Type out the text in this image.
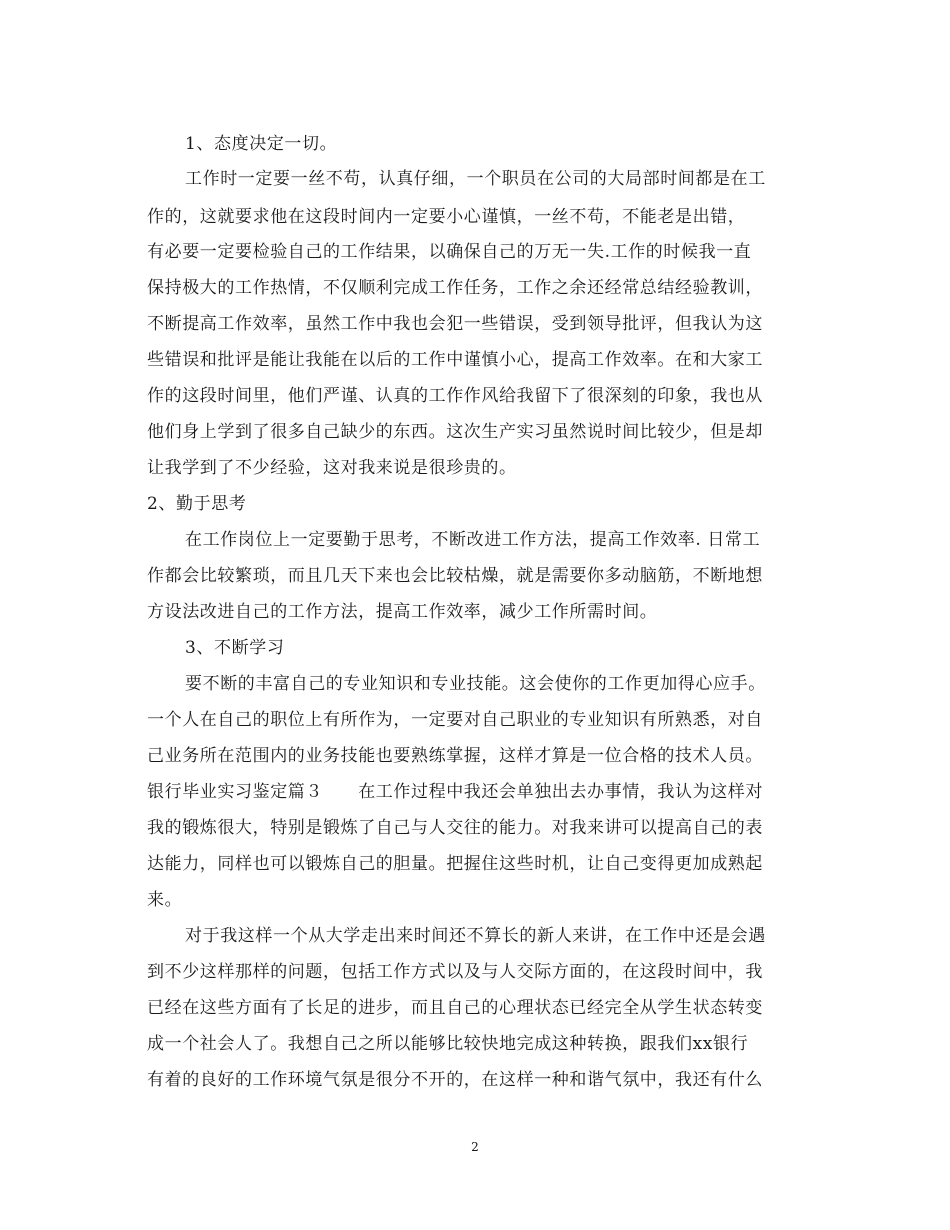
1、态度决定一切。
工作时一定要一丝不苟，认真仔细，一个职员在公司的大局部时间都是在工
作的，这就要求他在这段时间内一定要小心谨慎，一丝不苟，不能老是出错，
有必要一定要检验自己的工作结果，以确保自己的万无一失.工作的时候我一直
保持极大的工作热情，不仅顺利完成工作任务，工作之余还经常总结经验教训，
不断提高工作效率，虽然工作中我也会犯一些错误，受到领导批评，但我认为这
些错误和批评是能让我能在以后的工作中谨慎小心，提高工作效率。在和大家工
作的这段时间里，他们严谨、认真的工作作风给我留下了很深刻的印象，我也从
他们身上学到了很多自己缺少的东西。这次生产实习虽然说时间比较少，但是却
让我学到了不少经验，这对我来说是很珍贵的。
2、勤于思考
在工作岗位上一定要勤于思考，不断改进工作方法，提高工作效率. 日常工
作都会比较繁琐，而且几天下来也会比较枯燥，就是需要你多动脑筋，不断地想
方设法改进自己的工作方法，提高工作效率，减少工作所需时间。
3、不断学习
要不断的丰富自己的专业知识和专业技能。这会使你的工作更加得心应手。
一个人在自己的职位上有所作为，一定要对自己职业的专业知识有所熟悉，对自
己业务所在范围内的业务技能也要熟练掌握，这样才算是一位合格的技术人员。
银行毕业实习鉴定篇３　　在工作过程中我还会单独出去办事情，我认为这样对
我的锻炼很大，特别是锻炼了自己与人交往的能力。对我来讲可以提高自己的表
达能力，同样也可以锻炼自己的胆量。把握住这些时机，让自己变得更加成熟起
来。
对于我这样一个从大学走出来时间还不算长的新人来讲，在工作中还是会遇
到不少这样那样的问题，包括工作方式以及与人交际方面的，在这段时间中，我
已经在这些方面有了长足的进步，而且自己的心理状态已经完全从学生状态转变
成一个社会人了。我想自己之所以能够比较快地完成这种转换，跟我们xx银行
有着的良好的工作环境气氛是很分不开的，在这样一种和谐气氛中，我还有什么
2
